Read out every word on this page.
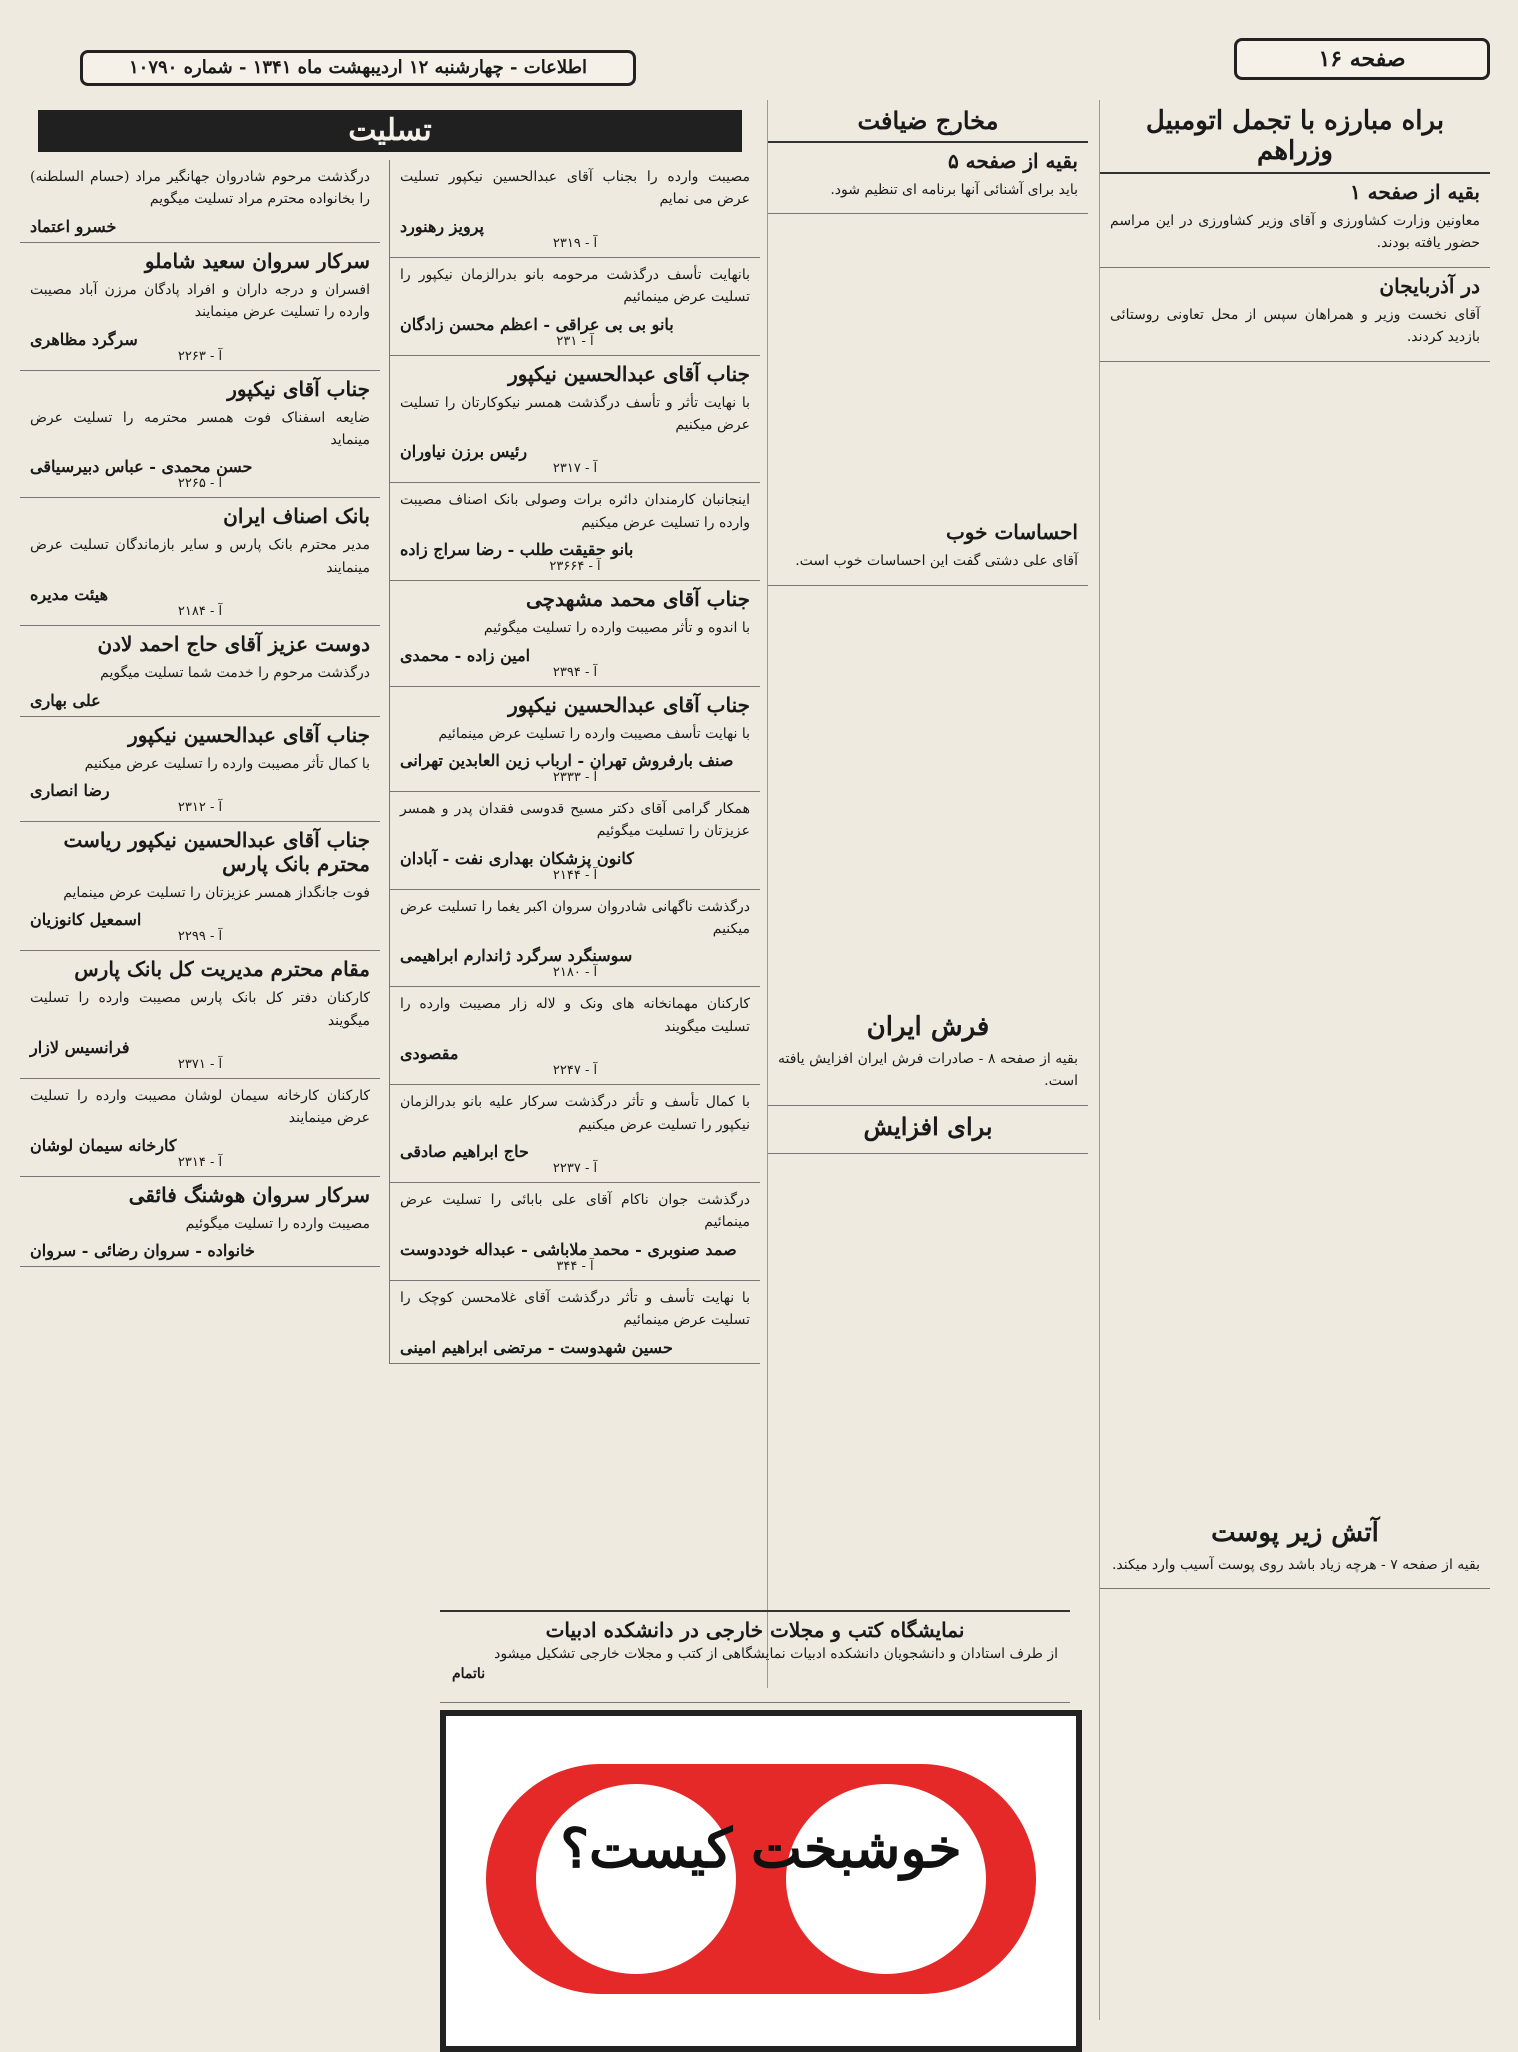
صفحه ۱۶
اطلاعات - چهارشنبه ۱۲ اردیبهشت ماه ۱۳۴۱ - شماره ۱۰۷۹۰
براه مبارزه با تجمل اتومبیل وزراهم
بقیه از صفحه ۱

معاونین وزارت کشاورزی و آقای وزیر کشاورزی در این مراسم حضور یافته بودند.

در آذربایجان

آقای نخست وزیر و همراهان سپس از محل تعاونی روستائی بازدید کردند.

آتش زیر پوست

بقیه از صفحه ۷ - هرچه زیاد باشد روی پوست آسیب وارد میکند.

مخارج ضیافت
بقیه از صفحه ۵

باید برای آشنائی آنها برنامه ای تنظیم شود.

احساسات خوب

آقای علی دشتی گفت این احساسات خوب است.

فرش ایران

بقیه از صفحه ۸ - صادرات فرش ایران افزایش یافته است.

برای افزایش
تسلیت

مصیبت وارده را بجناب آقای عبدالحسین نیکپور تسلیت عرض می نمایم

پرویز رهنورد
آ - ۲۳۱۹

بانهایت تأسف درگذشت مرحومه بانو بدرالزمان نیکپور را تسلیت عرض مینمائیم

بانو بی بی عراقی - اعظم محسن زادگان
آ - ۲۳۱
جناب آقای عبدالحسین نیکپور

با نهایت تأثر و تأسف درگذشت همسر نیکوکارتان را تسلیت عرض میکنیم

رئیس برزن نیاوران
آ - ۲۳۱۷

اینجانبان کارمندان دائره برات وصولی بانک اصناف مصیبت وارده را تسلیت عرض میکنیم

بانو حقیقت طلب - رضا سراج زاده
آ - ۲۳۶۶۴
جناب آقای محمد مشهدچی

با اندوه و تأثر مصیبت وارده را تسلیت میگوئیم

امین زاده - محمدی
آ - ۲۳۹۴
جناب آقای عبدالحسین نیکپور

با نهایت تأسف مصیبت وارده را تسلیت عرض مینمائیم

صنف بارفروش تهران - ارباب زین العابدین تهرانی
آ - ۲۳۳۳

همکار گرامی آقای دکتر مسیح قدوسی فقدان پدر و همسر عزیزتان را تسلیت میگوئیم

کانون پزشکان بهداری نفت - آبادان
آ - ۲۱۴۴

درگذشت ناگهانی شادروان سروان اکبر یغما را تسلیت عرض میکنیم

سوسنگرد سرگرد ژاندارم ابراهیمی
آ - ۲۱۸۰

کارکنان مهمانخانه های ونک و لاله زار مصیبت وارده را تسلیت میگویند

مقصودی
آ - ۲۲۴۷

با کمال تأسف و تأثر درگذشت سرکار علیه بانو بدرالزمان نیکپور را تسلیت عرض میکنیم

حاج ابراهیم صادقی
آ - ۲۲۳۷

درگذشت جوان ناکام آقای علی بابائی را تسلیت عرض مینمائیم

صمد صنوبری - محمد ملاباشی - عبداله خوددوست
آ - ۳۴۴

با نهایت تأسف و تأثر درگذشت آقای غلامحسن کوچک را تسلیت عرض مینمائیم

حسین شهدوست - مرتضی ابراهیم امینی

درگذشت مرحوم شادروان جهانگیر مراد (حسام السلطنه) را بخانواده محترم مراد تسلیت میگویم

خسرو اعتماد
سرکار سروان سعید شاملو

افسران و درجه داران و افراد پادگان مرزن آباد مصیبت وارده را تسلیت عرض مینمایند

سرگرد مظاهری
آ - ۲۲۶۳
جناب آقای نیکپور

ضایعه اسفناک فوت همسر محترمه را تسلیت عرض مینماید

حسن محمدی - عباس دبیرسیاقی
آ - ۲۲۶۵
بانک اصناف ایران

مدیر محترم بانک پارس و سایر بازماندگان تسلیت عرض مینمایند

هیئت مدیره
آ - ۲۱۸۴
دوست عزیز آقای حاج احمد لادن

درگذشت مرحوم را خدمت شما تسلیت میگویم

علی بهاری
جناب آقای عبدالحسین نیکپور

با کمال تأثر مصیبت وارده را تسلیت عرض میکنیم

رضا انصاری
آ - ۲۳۱۲
جناب آقای عبدالحسین نیکپور ریاست محترم بانک پارس

فوت جانگداز همسر عزیزتان را تسلیت عرض مینمایم

اسمعیل کانوزیان
آ - ۲۲۹۹
مقام محترم مدیریت کل بانک پارس

کارکنان دفتر کل بانک پارس مصیبت وارده را تسلیت میگویند

فرانسیس لازار
آ - ۲۳۷۱

کارکنان کارخانه سیمان لوشان مصیبت وارده را تسلیت عرض مینمایند

کارخانه سیمان لوشان
آ - ۲۳۱۴
سرکار سروان هوشنگ فائقی

مصیبت وارده را تسلیت میگوئیم

خانواده - سروان رضائی - سروان
نمایشگاه کتب و مجلات خارجی در دانشکده ادبیات
از طرف استادان و دانشجویان دانشکده ادبیات نمایشگاهی از کتب و مجلات خارجی تشکیل میشود
ناتمام
خوشبخت کیست؟
